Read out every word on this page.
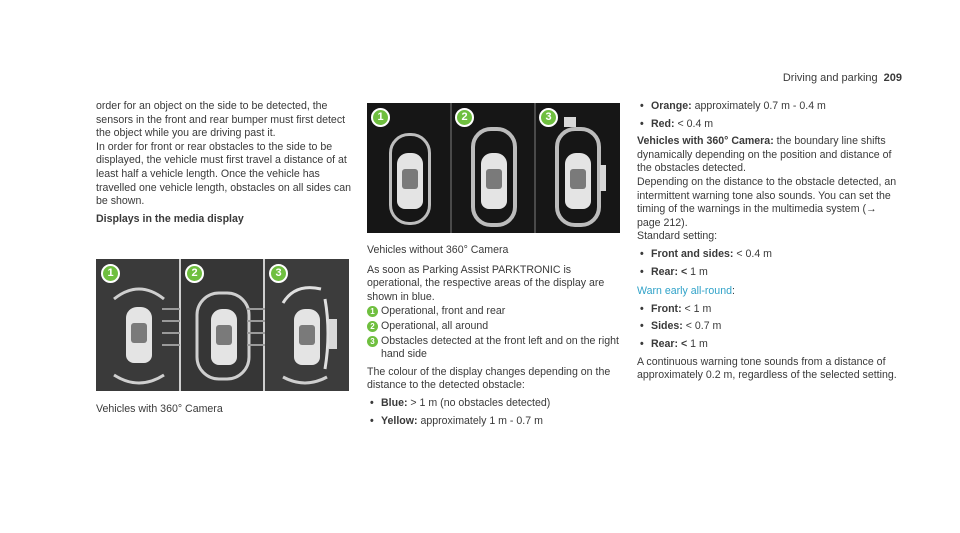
Driving and parking 209

order for an object on the side to be detected, the sensors in the front and rear bumper must first detect the object while you are driving past it.

In order for front or rear obstacles to the side to be displayed, the vehicle must first travel a distance of at least half a vehicle length. Once the vehicle has travelled one vehicle length, obstacles on all sides can be shown.

Displays in the media display

1	2	3

Vehicles with 360° Camera

1	2	3

Vehicles without 360° Camera

As soon as Parking Assist PARKTRONIC is operational, the respective areas of the display are shown in blue.

1 Operational, front and rear
2 Operational, all around
3 Obstacles detected at the front left and on the right hand side

The colour of the display changes depending on the distance to the detected obstacle:

• Blue: > 1 m (no obstacles detected)
• Yellow: approximately 1 m - 0.7 m
• Orange: approximately 0.7 m - 0.4 m
• Red: < 0.4 m

Vehicles with 360° Camera: the boundary line shifts dynamically depending on the position and distance of the obstacles detected.

Depending on the distance to the obstacle detected, an intermittent warning tone also sounds. You can set the timing of the warnings in the multimedia system (→ page 212).

Standard setting:

• Front and sides: < 0.4 m
• Rear: < 1 m

Warn early all-round:

• Front: < 1 m
• Sides: < 0.7 m
• Rear: < 1 m

A continuous warning tone sounds from a distance of approximately 0.2 m, regardless of the selected setting.
